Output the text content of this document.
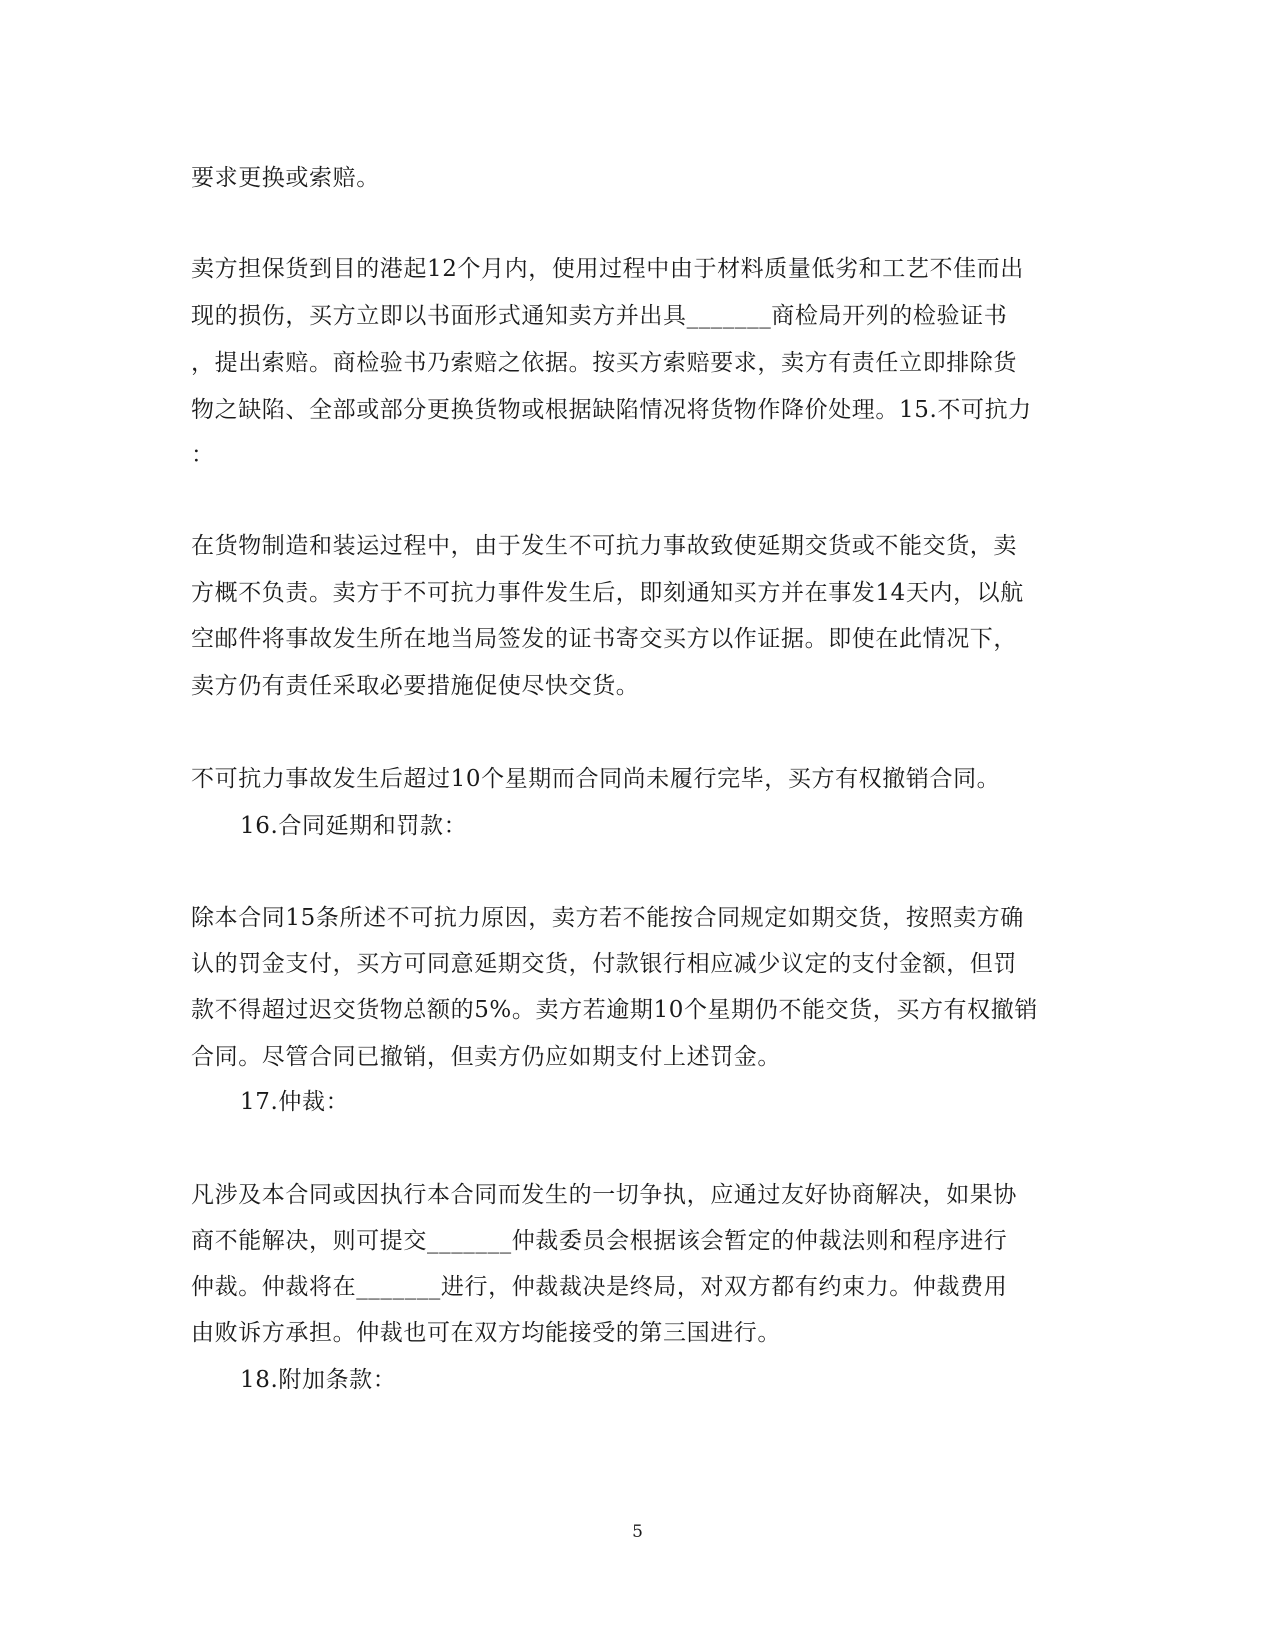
要求更换或索赔。
卖方担保货到目的港起12个月内，使用过程中由于材料质量低劣和工艺不佳而出
现的损伤，买方立即以书面形式通知卖方并出具_______商检局开列的检验证书
，提出索赔。商检验书乃索赔之依据。按买方索赔要求，卖方有责任立即排除货
物之缺陷、全部或部分更换货物或根据缺陷情况将货物作降价处理。15.不可抗力
：
在货物制造和装运过程中，由于发生不可抗力事故致使延期交货或不能交货，卖
方概不负责。卖方于不可抗力事件发生后，即刻通知买方并在事发14天内，以航
空邮件将事故发生所在地当局签发的证书寄交买方以作证据。即使在此情况下，
卖方仍有责任采取必要措施促使尽快交货。
不可抗力事故发生后超过10个星期而合同尚未履行完毕，买方有权撤销合同。
16.合同延期和罚款：
除本合同15条所述不可抗力原因，卖方若不能按合同规定如期交货，按照卖方确
认的罚金支付，买方可同意延期交货，付款银行相应减少议定的支付金额，但罚
款不得超过迟交货物总额的5%。卖方若逾期10个星期仍不能交货，买方有权撤销
合同。尽管合同已撤销，但卖方仍应如期支付上述罚金。
17.仲裁：
凡涉及本合同或因执行本合同而发生的一切争执，应通过友好协商解决，如果协
商不能解决，则可提交_______仲裁委员会根据该会暂定的仲裁法则和程序进行
仲裁。仲裁将在_______进行，仲裁裁决是终局，对双方都有约束力。仲裁费用
由败诉方承担。仲裁也可在双方均能接受的第三国进行。
18.附加条款：
5
